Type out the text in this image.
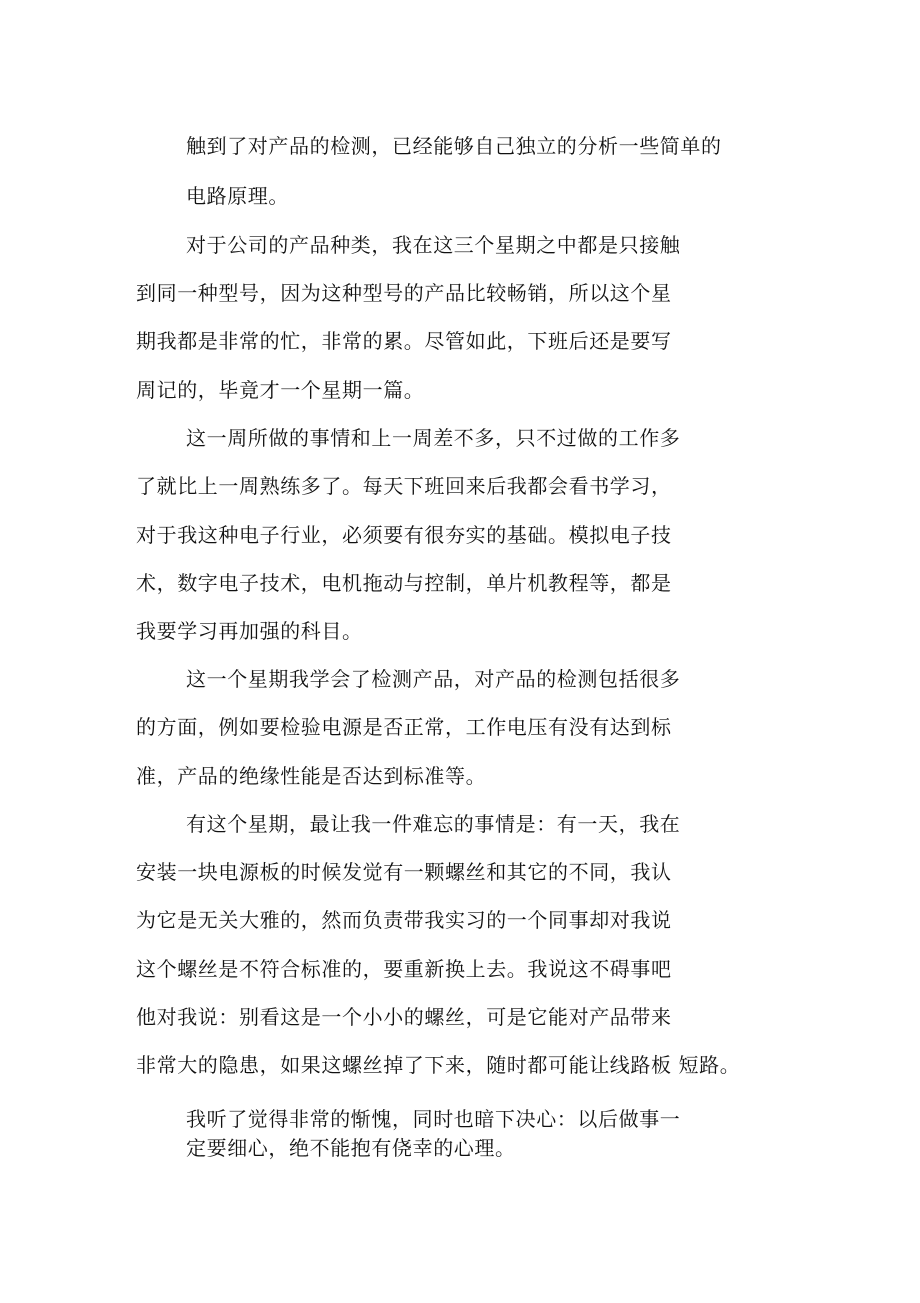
触到了对产品的检测，已经能够自己独立的分析一些简单的

电路原理。

对于公司的产品种类，我在这三个星期之中都是只接触

到同一种型号，因为这种型号的产品比较畅销，所以这个星

期我都是非常的忙，非常的累。尽管如此，下班后还是要写

周记的，毕竟才一个星期一篇。

这一周所做的事情和上一周差不多，只不过做的工作多

了就比上一周熟练多了。每天下班回来后我都会看书学习，

对于我这种电子行业，必须要有很夯实的基础。模拟电子技

术，数字电子技术，电机拖动与控制，单片机教程等，都是

我要学习再加强的科目。

这一个星期我学会了检测产品，对产品的检测包括很多

的方面，例如要检验电源是否正常，工作电压有没有达到标

准，产品的绝缘性能是否达到标准等。

有这个星期，最让我一件难忘的事情是：有一天，我在

安装一块电源板的时候发觉有一颗螺丝和其它的不同，我认

为它是无关大雅的，然而负责带我实习的一个同事却对我说

这个螺丝是不符合标准的，要重新换上去。我说这不碍事吧

他对我说：别看这是一个小小的螺丝，可是它能对产品带来

非常大的隐患，如果这螺丝掉了下来，随时都可能让线路板 短路。

我听了觉得非常的惭愧，同时也暗下决心：以后做事一

定要细心，绝不能抱有侥幸的心理。
